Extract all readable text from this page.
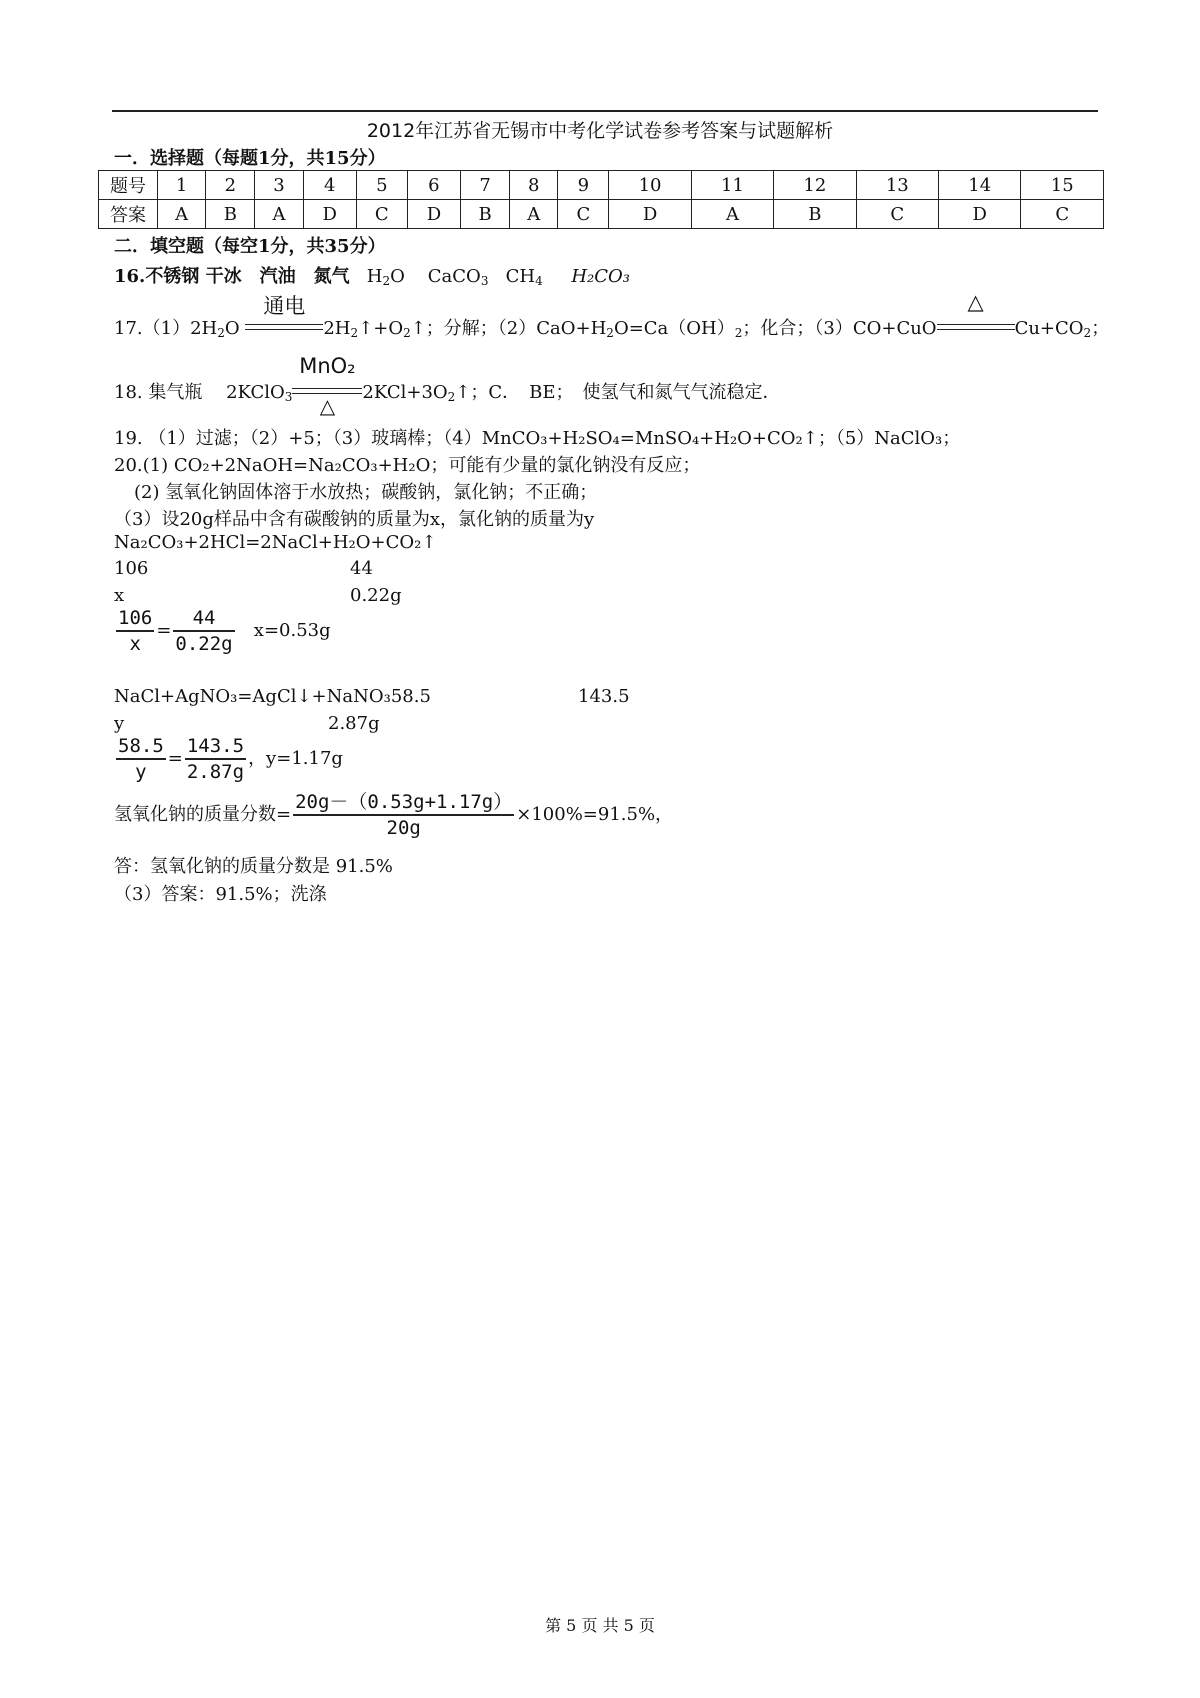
2012年江苏省无锡市中考化学试卷参考答案与试题解析
一．选择题（每题1分，共15分）
题号	1	2	3	4	5	6	7	8	9	10	11	12	13	14	15
答案	A	B	A	D	C	D	B	A	C	D	A	B	C	D	C
二．填空题（每空1分，共35分）
16.不锈钢 干冰　汽油　氮气 $H_2O$ CaCO$_3$ $CH_4$ H₂CO₃
$17.(1)2H_2O$
通电
$2H_2↑+O_2↑$；分解；$(2)CaO+H_2O=Ca(OH)_2$；化合；（3）CO+CuO
△
$Cu+CO_2$；
18. 集气瓶　 2KClO$_3$
MnO₂
△
$2KCl+3O_2↑$；C．　BE；　使氢气和氮气气流稳定．
19. （1）过滤；（2）+5；（3）玻璃棒；（4）MnCO₃+H₂SO₄=MnSO₄+H₂O+CO₂↑；（5）NaClO₃；
20.(1) CO₂+2NaOH=Na₂CO₃+H₂O；可能有少量的氯化钠没有反应；
(2) 氢氧化钠固体溶于水放热；碳酸钠，氯化钠；不正确；
（3）设20g样品中含有碳酸钠的质量为x，氯化钠的质量为y
Na₂CO₃+2HCl=2NaCl+H₂O+CO₂↑
106	44
x	0.22g
$\frac{106}{x} = \frac{44}{0.22g} x=0.53g$
NaCl+AgNO₃=AgCl↓+NaNO₃58.5	143.5
y	2.87g
$\frac{58.5}{y} = \frac{143.5}{2.87g}$ ，y=1.17g
氢氧化钠的质量分数= $\frac{20g-(0.53g+1.17g)}{20g} \times 100\%=91.5\%$，
答：氢氧化钠的质量分数是 91.5%
（3）答案：91.5%；洗涤
第 5 页 共 5 页
